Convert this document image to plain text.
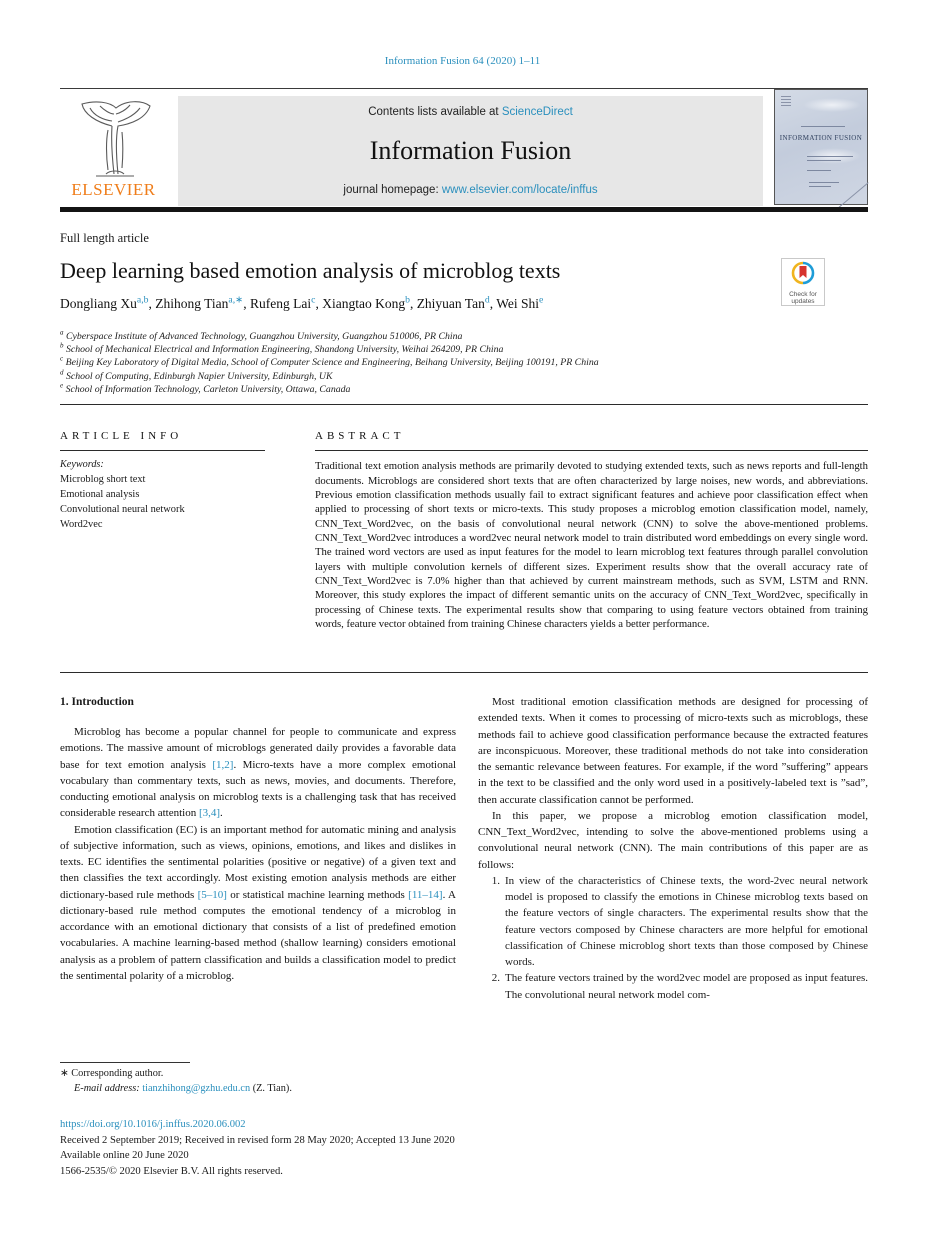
Information Fusion 64 (2020) 1–11
ELSEVIER
Contents lists available at ScienceDirect
Information Fusion
journal homepage: www.elsevier.com/locate/inffus
INFORMATION FUSION
Full length article
Deep learning based emotion analysis of microblog texts
Check for
updates
Dongliang Xu$^{a,b}$, Zhihong Tian$^{a,∗}$, Rufeng Lai$^c$, Xiangtao Kong$^b$, Zhiyuan Tan$^d$, Wei Shi$^e$
$^a$ Cyberspace Institute of Advanced Technology, Guangzhou University, Guangzhou 510006, PR China
$^b$ School of Mechanical Electrical and Information Engineering, Shandong University, Weihai 264209, PR China
$^c$ Beijing Key Laboratory of Digital Media, School of Computer Science and Engineering, Beihang University, Beijing 100191, PR China
$^d$ School of Computing, Edinburgh Napier University, Edinburgh, UK
$^e$ School of Information Technology, Carleton University, Ottawa, Canada
ARTICLE INFO
Keywords:
Microblog short text
Emotional analysis
Convolutional neural network
Word2vec
ABSTRACT
Traditional text emotion analysis methods are primarily devoted to studying extended texts, such as news reports and full-length documents. Microblogs are considered short texts that are often characterized by large noises, new words, and abbreviations. Previous emotion classification methods usually fail to extract significant features and achieve poor classification effect when applied to processing of short texts or micro-texts. This study proposes a microblog emotion classification model, namely, CNN_Text_Word2vec, on the basis of convolutional neural network (CNN) to solve the above-mentioned problems. CNN_Text_Word2vec introduces a word2vec neural network model to train distributed word embeddings on every single word. The trained word vectors are used as input features for the model to learn microblog text features through parallel convolution layers with multiple convolution kernels of different sizes. Experiment results show that the overall accuracy rate of CNN_Text_Word2vec is 7.0% higher than that achieved by current mainstream methods, such as SVM, LSTM and RNN. Moreover, this study explores the impact of different semantic units on the accuracy of CNN_Text_Word2vec, specifically in processing of Chinese texts. The experimental results show that comparing to using feature vectors obtained from training words, feature vector obtained from training Chinese characters yields a better performance.
1. Introduction

Microblog has become a popular channel for people to communicate and express emotions. The massive amount of microblogs generated daily provides a favorable data base for text emotion analysis [1,2]. Micro-texts have a more complex emotional vocabulary than commentary texts, such as news, movies, and documents. Therefore, conducting emotional analysis on microblog texts is a challenging task that has received considerable research attention [3,4].

Emotion classification (EC) is an important method for automatic mining and analysis of subjective information, such as views, opinions, emotions, and likes and dislikes in texts. EC identifies the sentimental polarities (positive or negative) of a given text and then classifies the text accordingly. Most existing emotion analysis methods are either dictionary-based rule methods [5–10] or statistical machine learning methods [11–14]. A dictionary-based rule method computes the emotional tendency of a microblog in accordance with an emotional dictionary that consists of a list of predefined emotion vocabularies. A machine learning-based method (shallow learning) considers emotional analysis as a problem of pattern classification and builds a classification model to predict the sentimental polarity of a microblog.

Most traditional emotion classification methods are designed for processing of extended texts. When it comes to processing of micro-texts such as microblogs, these methods fail to achieve good classification performance because the extracted features are inconspicuous. Moreover, these traditional methods do not take into consideration the semantic relevance between features. For example, if the word ”suffering” appears in the text to be classified and the only word used in a positively-labeled text is ”sad”, then accurate classification cannot be performed.

In this paper, we propose a microblog emotion classification model, CNN_Text_Word2vec, intending to solve the above-mentioned problems using a convolutional neural network (CNN). The main contributions of this paper are as follows:

1. In view of the characteristics of Chinese texts, the word-2vec neural network model is proposed to classify the emotions in Chinese microblog texts based on the feature vectors of single characters. The experimental results show that the feature vectors composed by Chinese characters are more helpful for emotional classification of Chinese microblog short texts than those composed by Chinese words.
2. The feature vectors trained by the word2vec model are proposed as input features. The convolutional neural network model com-
∗ Corresponding author.
E-mail address: tianzhihong@gzhu.edu.cn (Z. Tian).
https://doi.org/10.1016/j.inffus.2020.06.002
Received 2 September 2019; Received in revised form 28 May 2020; Accepted 13 June 2020
Available online 20 June 2020
1566-2535/© 2020 Elsevier B.V. All rights reserved.
